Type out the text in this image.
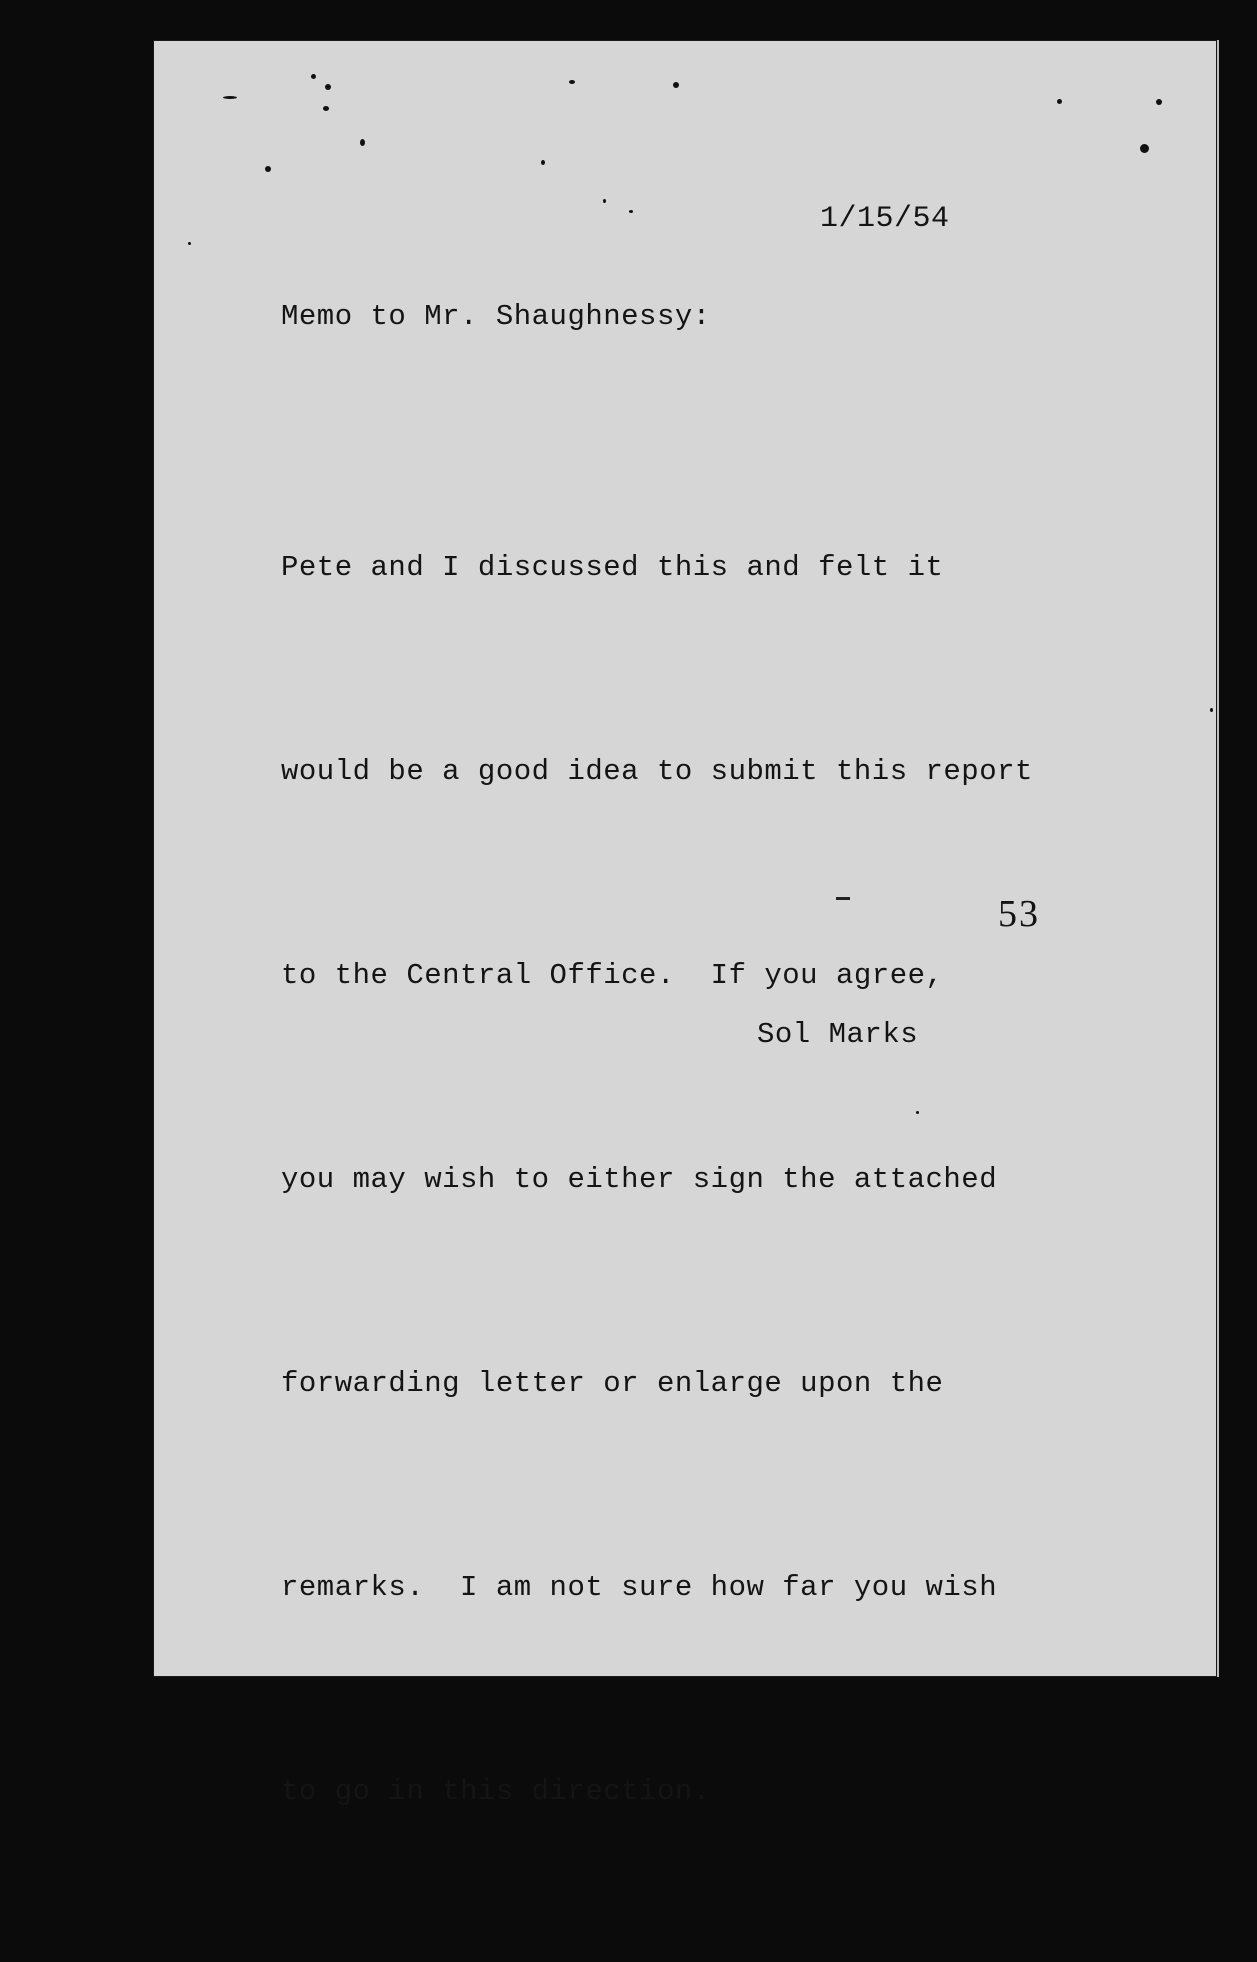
1/15/54
Memo to Mr. Shaughnessy:

Pete and I discussed this and felt it

would be a good idea to submit this report

to the Central Office.  If you agree,

you may wish to either sign the attached

forwarding letter or enlarge upon the

remarks.  I am not sure how far you wish

to go in this direction.

53
Sol Marks
